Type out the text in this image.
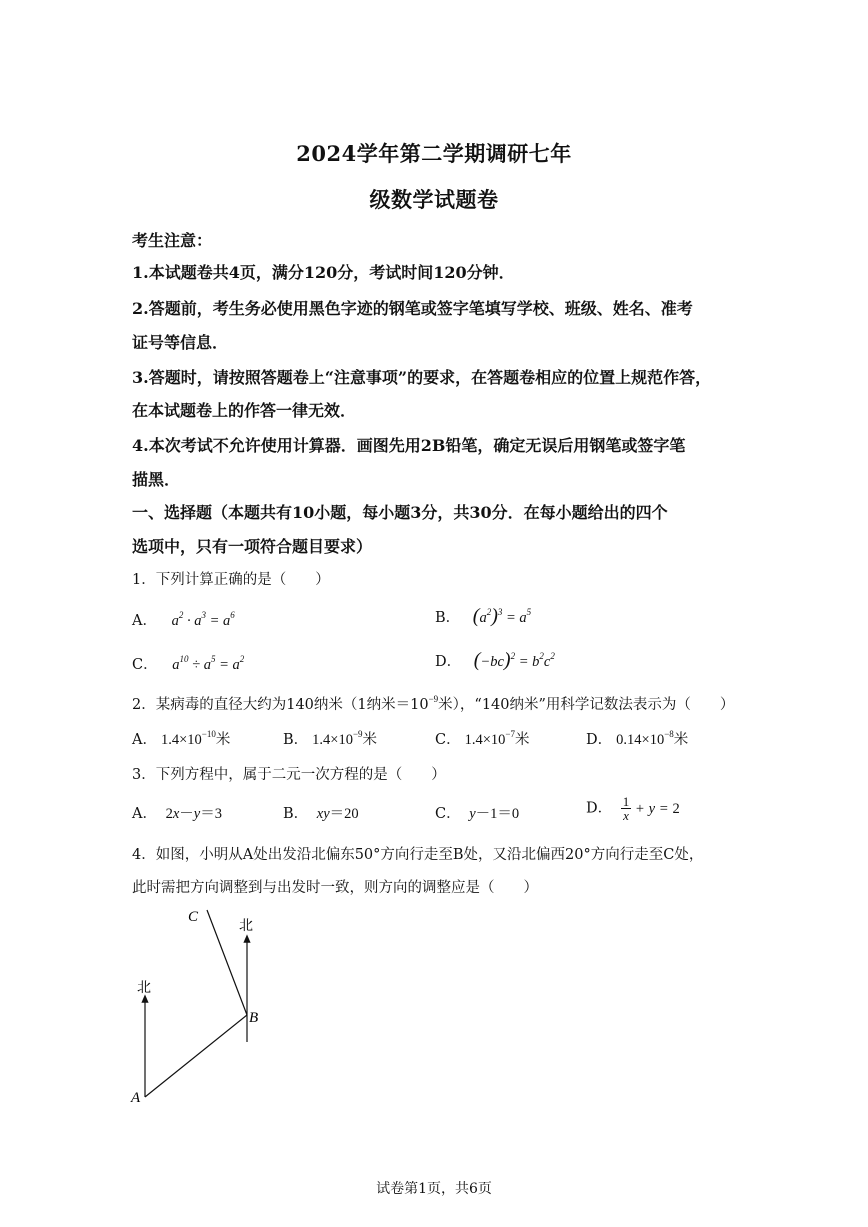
2024学年第二学期调研七年
级数学试题卷
考生注意：
1.本试题卷共4页，满分120分，考试时间120分钟．
2.答题前，考生务必使用黑色字迹的钢笔或签字笔填写学校、班级、姓名、准考
证号等信息．
3.答题时，请按照答题卷上“注意事项”的要求，在答题卷相应的位置上规范作答，
在本试题卷上的作答一律无效．
4.本次考试不允许使用计算器．画图先用2B铅笔，确定无误后用钢笔或签字笔
描黑．
一、选择题（本题共有10小题，每小题3分，共30分．在每小题给出的四个
选项中，只有一项符合题目要求）
1．下列计算正确的是（　　）
A． $a^2 \cdot a^3 = a^6$	B． $(a^2)^3 = a^5$
C． $a^{10} \div a^5 = a^2$	D． $(-bc)^2 = b^2c^2$
2．某病毒的直径大约为140纳米（1纳米$=10^{-9}$米），“140纳米”用科学记数法表示为（　　）
A． $1.4\times 10^{-10}$米	B． $1.4\times 10^{-9}$米	C． $1.4\times 10^{-7}$米	D． $0.14\times 10^{-8}$米
3．下列方程中，属于二元一次方程的是（　　）
A． 2x－y＝3	B． xy＝20	C． y－1＝0	D． $\frac{1}{x} + y = 2$
4．如图，小明从A处出发沿北偏东50°方向行走至B处，又沿北偏西20°方向行走至C处，
此时需把方向调整到与出发时一致，则方向的调整应是（　　）
C
B
A
北
北
试卷第1页，共6页
